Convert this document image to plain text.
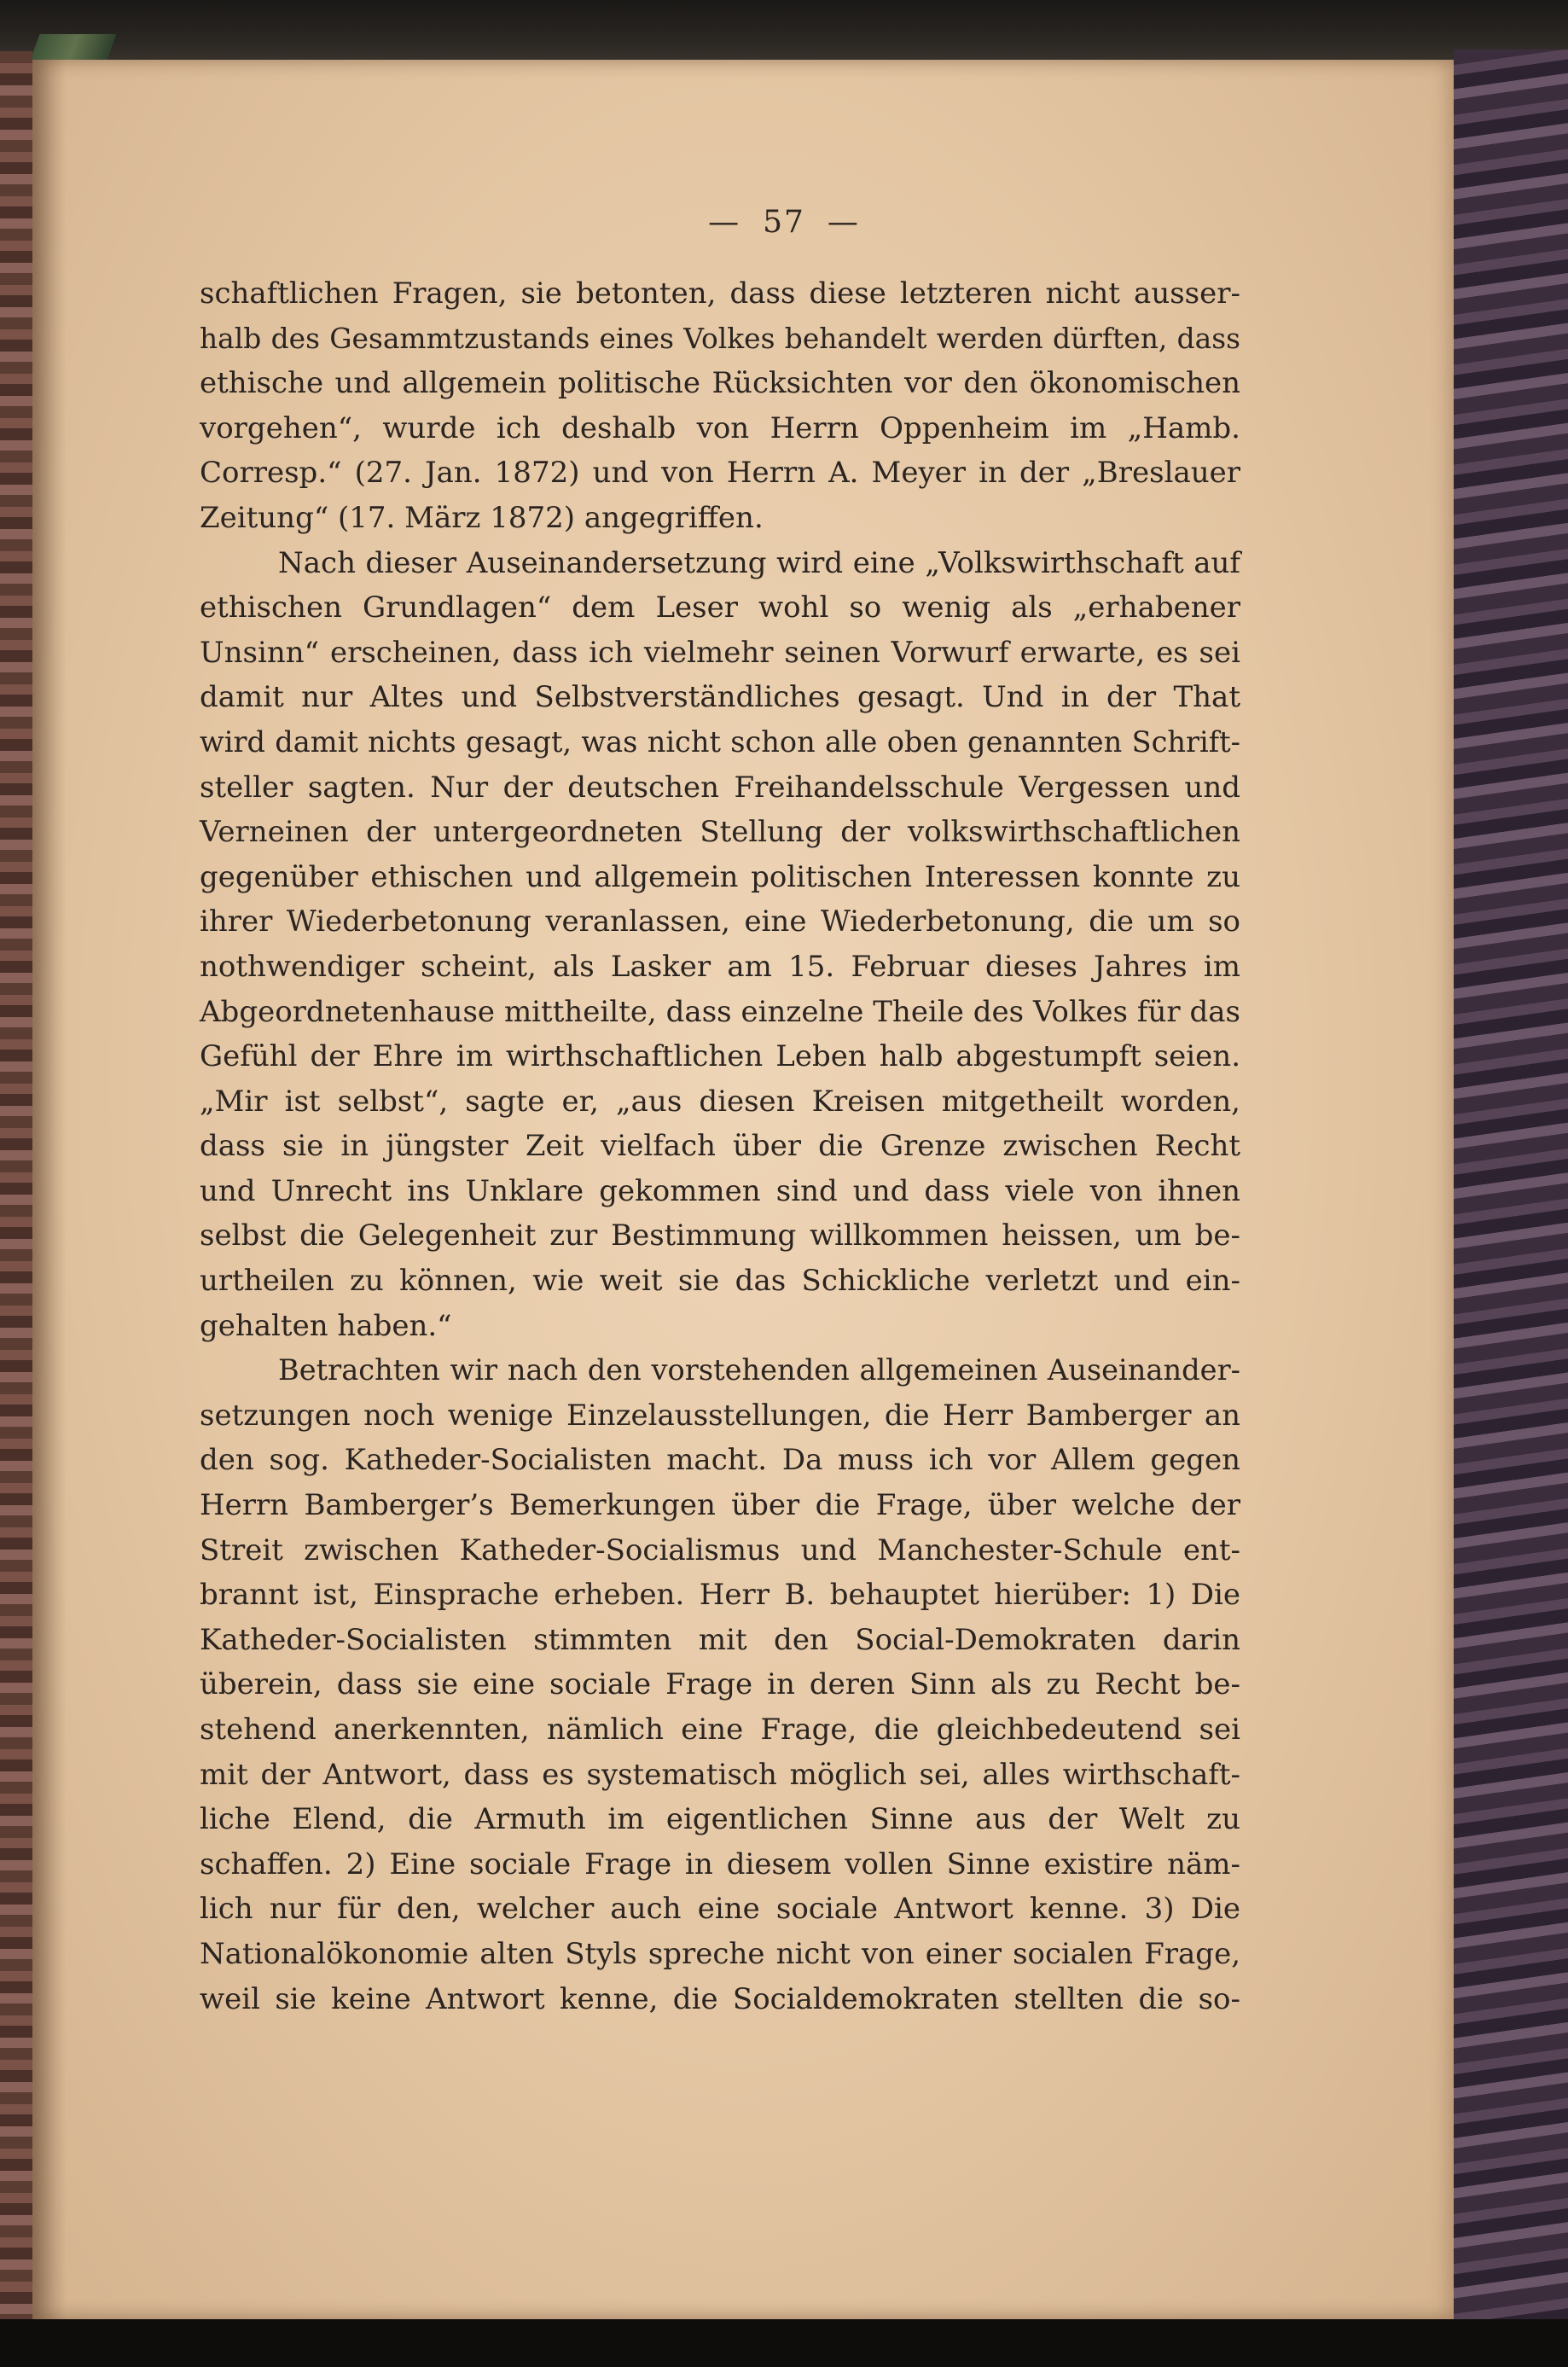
— 57 —
schaftlichen Fragen, sie betonten, dass diese letzteren nicht ausser-
halb des Gesammtzustands eines Volkes behandelt werden dürften, dass
ethische und allgemein politische Rücksichten vor den ökonomischen
vorgehen“, wurde ich deshalb von Herrn Oppenheim im „Hamb.
Corresp.“ (27. Jan. 1872) und von Herrn A. Meyer in der „Breslauer
Zeitung“ (17. März 1872) angegriffen.
Nach dieser Auseinandersetzung wird eine „Volkswirthschaft auf
ethischen Grundlagen“ dem Leser wohl so wenig als „erhabener
Unsinn“ erscheinen, dass ich vielmehr seinen Vorwurf erwarte, es sei
damit nur Altes und Selbstverständliches gesagt. Und in der That
wird damit nichts gesagt, was nicht schon alle oben genannten Schrift-
steller sagten. Nur der deutschen Freihandelsschule Vergessen und
Verneinen der untergeordneten Stellung der volkswirthschaftlichen
gegenüber ethischen und allgemein politischen Interessen konnte zu
ihrer Wiederbetonung veranlassen, eine Wiederbetonung, die um so
nothwendiger scheint, als Lasker am 15. Februar dieses Jahres im
Abgeordnetenhause mittheilte, dass einzelne Theile des Volkes für das
Gefühl der Ehre im wirthschaftlichen Leben halb abgestumpft seien.
„Mir ist selbst“, sagte er, „aus diesen Kreisen mitgetheilt worden,
dass sie in jüngster Zeit vielfach über die Grenze zwischen Recht
und Unrecht ins Unklare gekommen sind und dass viele von ihnen
selbst die Gelegenheit zur Bestimmung willkommen heissen, um be-
urtheilen zu können, wie weit sie das Schickliche verletzt und ein-
gehalten haben.“
Betrachten wir nach den vorstehenden allgemeinen Auseinander-
setzungen noch wenige Einzelausstellungen, die Herr Bamberger an
den sog. Katheder-Socialisten macht. Da muss ich vor Allem gegen
Herrn Bamberger’s Bemerkungen über die Frage, über welche der
Streit zwischen Katheder-Socialismus und Manchester-Schule ent-
brannt ist, Einsprache erheben. Herr B. behauptet hierüber: 1) Die
Katheder-Socialisten stimmten mit den Social-Demokraten darin
überein, dass sie eine sociale Frage in deren Sinn als zu Recht be-
stehend anerkennten, nämlich eine Frage, die gleichbedeutend sei
mit der Antwort, dass es systematisch möglich sei, alles wirthschaft-
liche Elend, die Armuth im eigentlichen Sinne aus der Welt zu
schaffen. 2) Eine sociale Frage in diesem vollen Sinne existire näm-
lich nur für den, welcher auch eine sociale Antwort kenne. 3) Die
Nationalökonomie alten Styls spreche nicht von einer socialen Frage,
weil sie keine Antwort kenne, die Socialdemokraten stellten die so-
